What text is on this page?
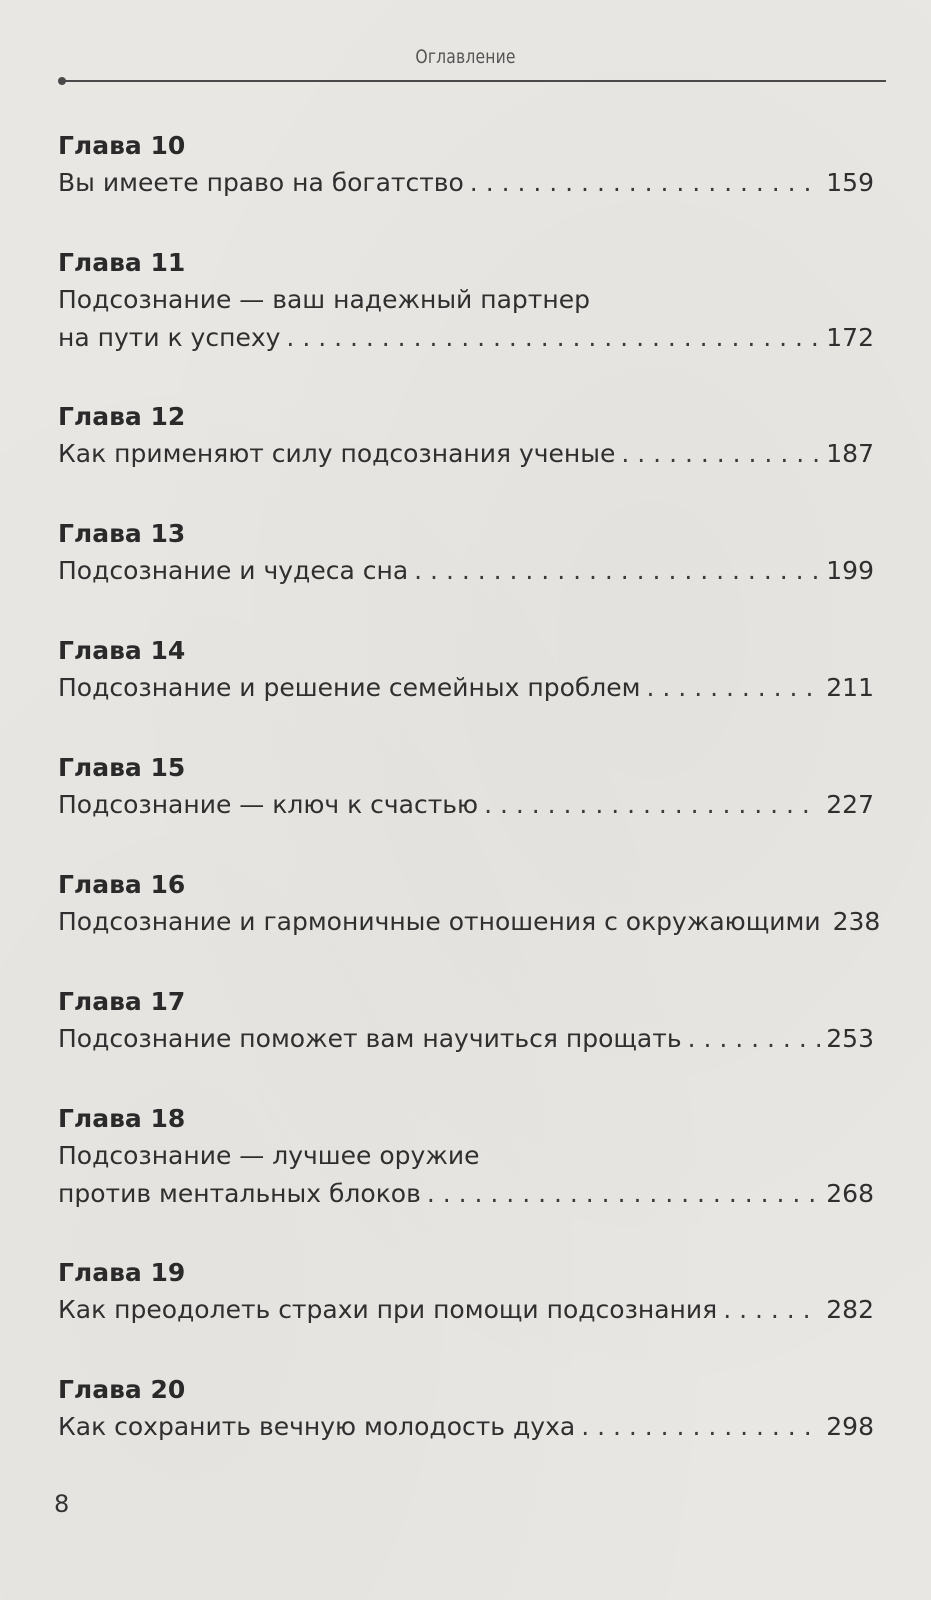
Оглавление
Глава 10
Вы имеете право на богатство . . .	159
Глава 11
Подсознание — ваш надежный партнер
на пути к успеху . . .	172
Глава 12
Как применяют силу подсознания ученые . . .	187
Глава 13
Подсознание и чудеса сна . . .	199
Глава 14
Подсознание и решение семейных проблем . . .	211
Глава 15
Подсознание — ключ к счастью . . .	227
Глава 16
Подсознание и гармоничные отношения с окружающими 238
Глава 17
Подсознание поможет вам научиться прощать . . .	253
Глава 18
Подсознание — лучшее оружие
против ментальных блоков . . .	268
Глава 19
Как преодолеть страхи при помощи подсознания . . .	282
Глава 20
Как сохранить вечную молодость духа . . .	298
8
